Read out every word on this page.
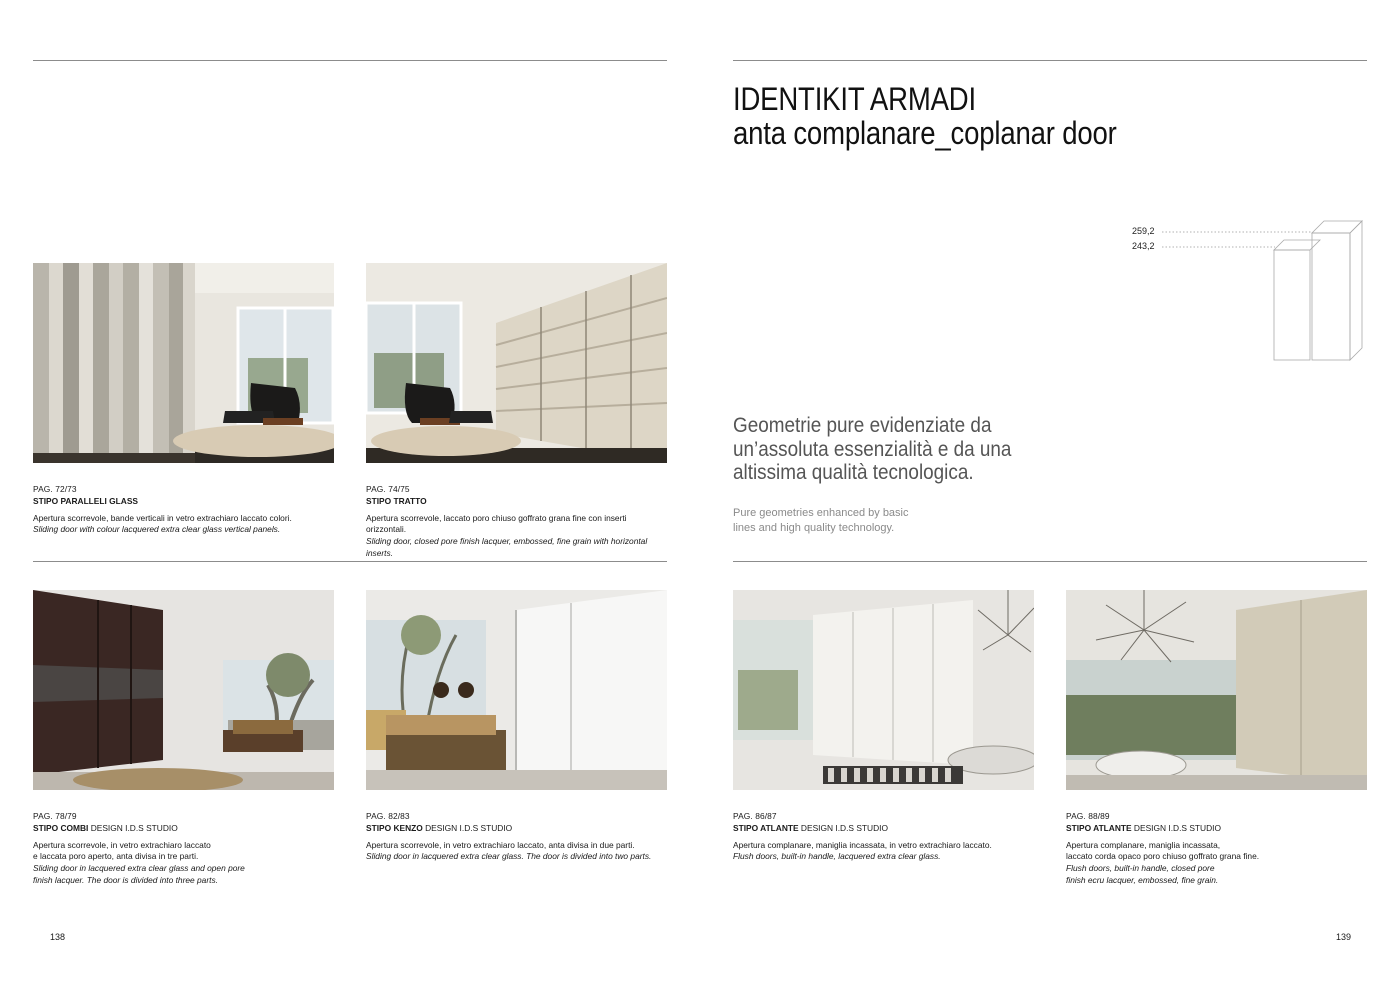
IDENTIKIT ARMADI
anta complanare_coplanar door
259,2
243,2
Geometrie pure evidenziate da
un’assoluta essenzialità e da una
altissima qualità tecnologica.
Pure geometries enhanced by basic
lines and high quality technology.
PAG. 72/73
STIPO PARALLELI GLASS
Apertura scorrevole, bande verticali in vetro extrachiaro laccato colori.
Sliding door with colour lacquered extra clear glass vertical panels.
PAG. 74/75
STIPO TRATTO
Apertura scorrevole, laccato poro chiuso goffrato grana fine con inserti orizzontali.
Sliding door, closed pore finish lacquer, embossed, fine grain with horizontal inserts.
PAG. 78/79
STIPO COMBI DESIGN I.D.S STUDIO
Apertura scorrevole, in vetro extrachiaro laccato
e laccata poro aperto, anta divisa in tre parti.
Sliding door in lacquered extra clear glass and open pore
finish lacquer. The door is divided into three parts.
PAG. 82/83
STIPO KENZO DESIGN I.D.S STUDIO
Apertura scorrevole, in vetro extrachiaro laccato, anta divisa in due parti.
Sliding door in lacquered extra clear glass. The door is divided into two parts.
PAG. 86/87
STIPO ATLANTE DESIGN I.D.S STUDIO
Apertura complanare, maniglia incassata, in vetro extrachiaro laccato.
Flush doors, built-in handle, lacquered extra clear glass.
PAG. 88/89
STIPO ATLANTE DESIGN I.D.S STUDIO
Apertura complanare, maniglia incassata,
laccato corda opaco poro chiuso goffrato grana fine.
Flush doors, built-in handle, closed pore
finish ecru lacquer, embossed, fine grain.
138	139
